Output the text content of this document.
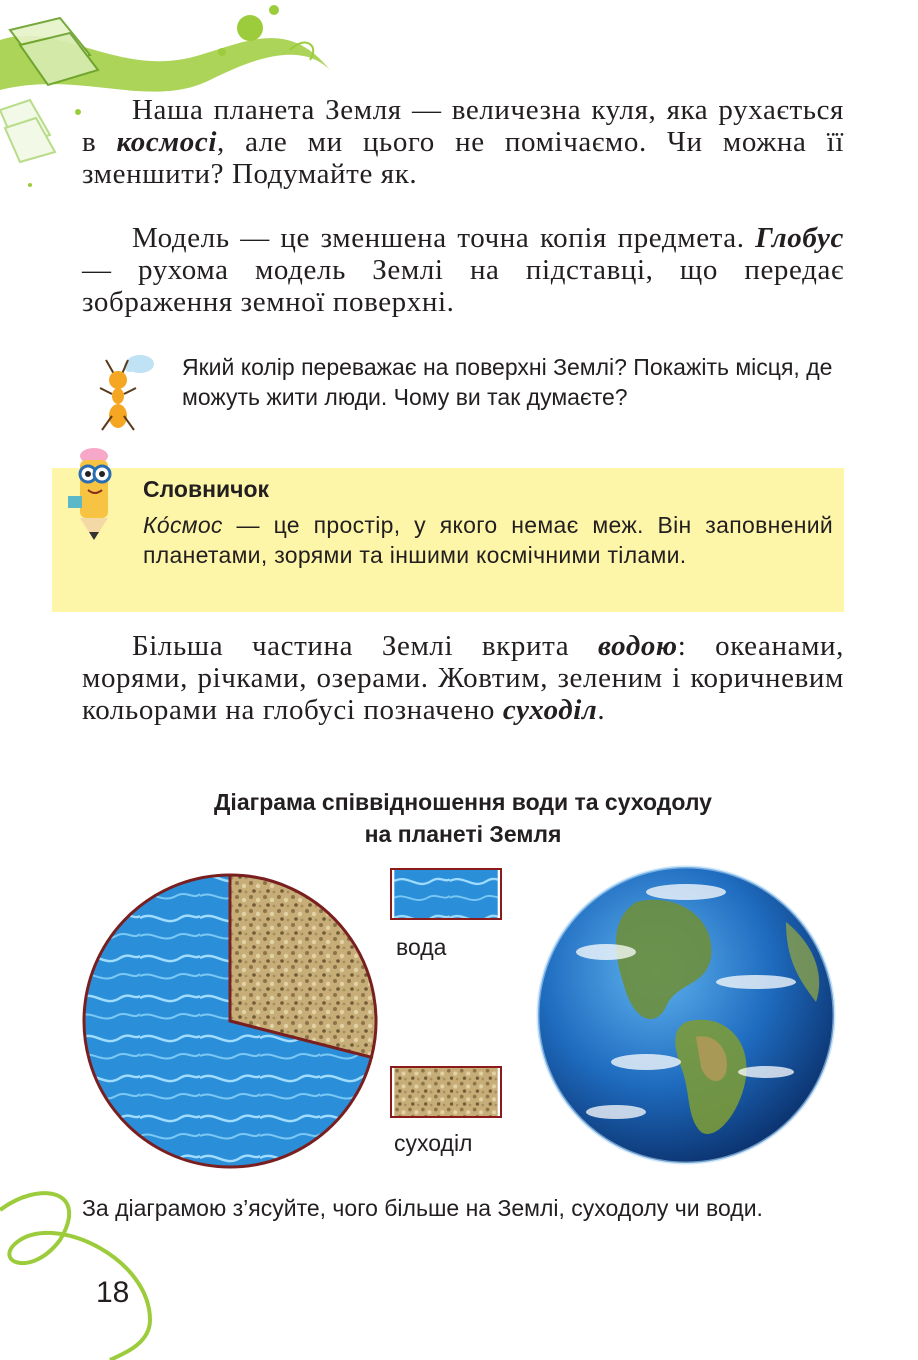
Наша планета Земля — величезна куля, яка рухається в космосі, але ми цього не помічаємо. Чи можна її зменшити? Подумайте як.

Модель — це зменшена точна копія предмета. Глобус — рухома модель Землі на підставці, що передає зображення земної поверхні.

Який колір переважає на поверхні Землі? Покажіть місця, де можуть жити люди. Чому ви так думаєте?
Словничок
Ко́смос — це простір, у якого немає меж. Він заповнений планетами, зорями та іншими космічними тілами.

Більша частина Землі вкрита водою: океанами, морями, річками, озерами. Жовтим, зеленим і коричневим кольорами на глобусі позначено суходіл.

Діаграма співвідношення води та суходолу
на планеті Земля
вода
суходіл
За діаграмою з’ясуйте, чого більше на Землі, суходолу чи води.
18
